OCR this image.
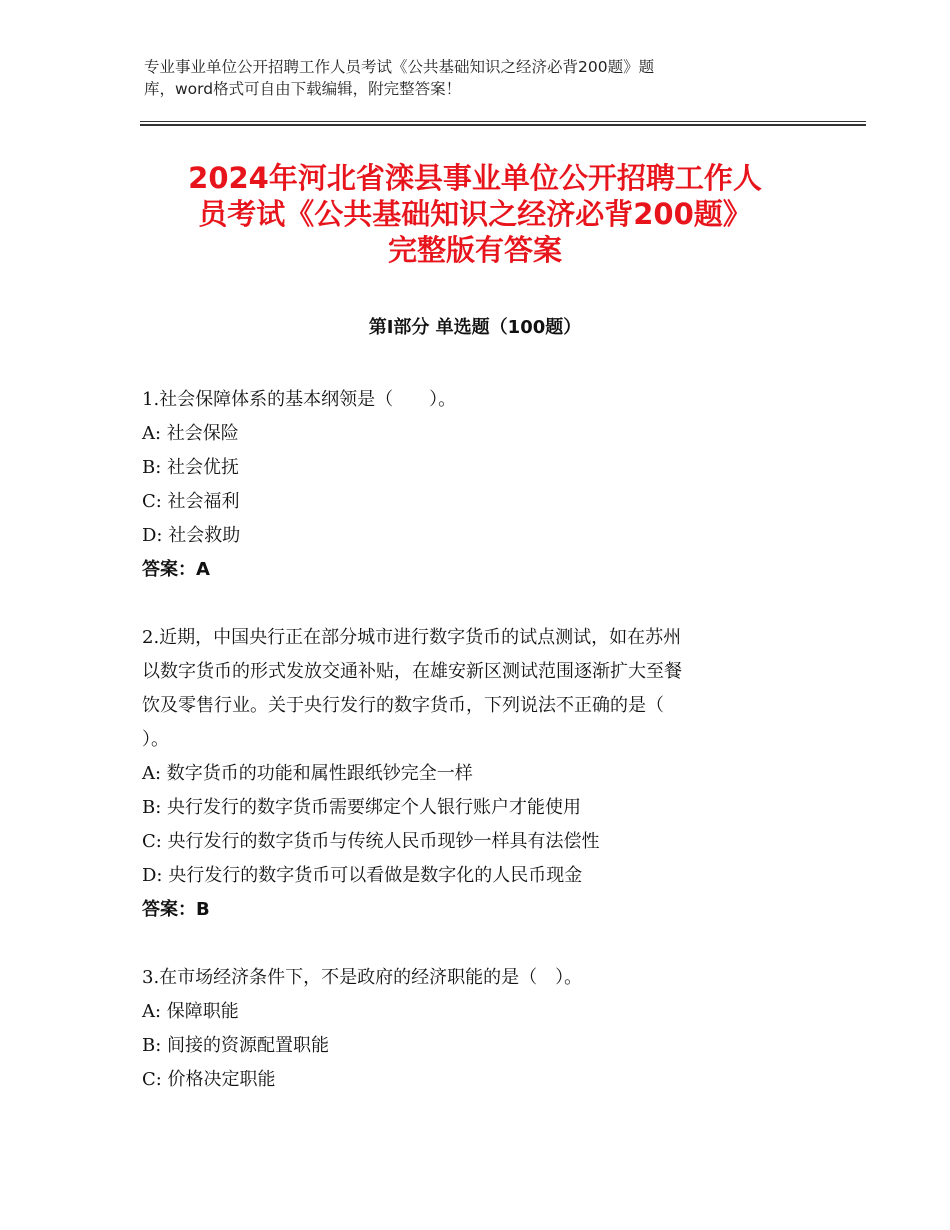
专业事业单位公开招聘工作人员考试《公共基础知识之经济必背200题》题
库，word格式可自由下载编辑，附完整答案！
2024年河北省滦县事业单位公开招聘工作人
员考试《公共基础知识之经济必背200题》
完整版有答案
第Ⅰ部分 单选题（100题）
1.社会保障体系的基本纲领是（　　）。
A: 社会保险
B: 社会优抚
C: 社会福利
D: 社会救助
答案：A
2.近期，中国央行正在部分城市进行数字货币的试点测试，如在苏州
以数字货币的形式发放交通补贴，在雄安新区测试范围逐渐扩大至餐
饮及零售行业。关于央行发行的数字货币，下列说法不正确的是（
）。
A: 数字货币的功能和属性跟纸钞完全一样
B: 央行发行的数字货币需要绑定个人银行账户才能使用
C: 央行发行的数字货币与传统人民币现钞一样具有法偿性
D: 央行发行的数字货币可以看做是数字化的人民币现金
答案：B
3.在市场经济条件下，不是政府的经济职能的是（　）。
A: 保障职能
B: 间接的资源配置职能
C: 价格决定职能
